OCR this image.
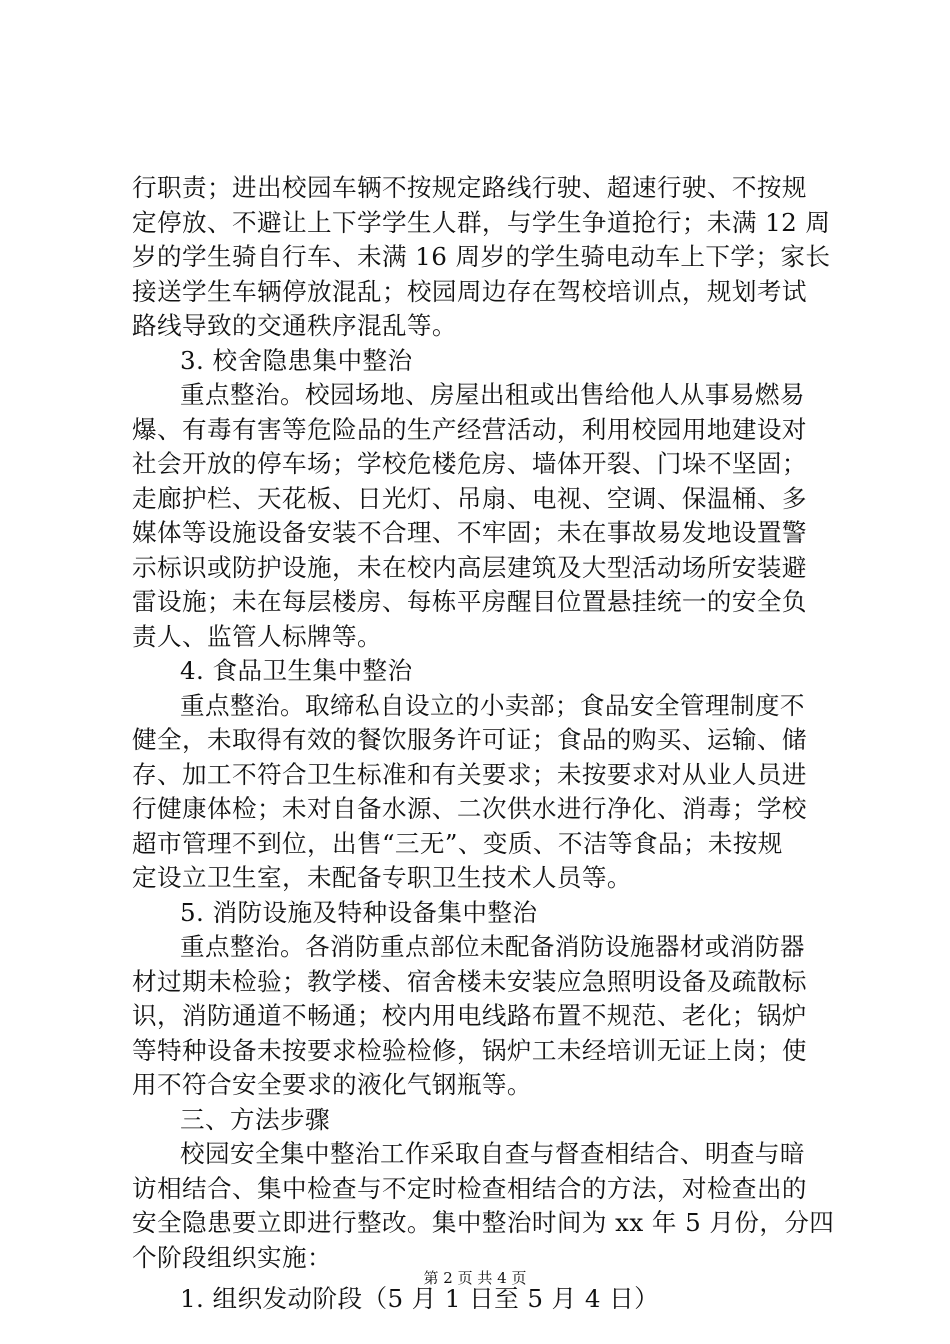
行职责；进出校园车辆不按规定路线行驶、超速行驶、不按规
定停放、不避让上下学学生人群，与学生争道抢行；未满 12 周
岁的学生骑自行车、未满 16 周岁的学生骑电动车上下学；家长
接送学生车辆停放混乱；校园周边存在驾校培训点，规划考试
路线导致的交通秩序混乱等。
3. 校舍隐患集中整治
重点整治。校园场地、房屋出租或出售给他人从事易燃易
爆、有毒有害等危险品的生产经营活动，利用校园用地建设对
社会开放的停车场；学校危楼危房、墙体开裂、门垛不坚固；
走廊护栏、天花板、日光灯、吊扇、电视、空调、保温桶、多
媒体等设施设备安装不合理、不牢固；未在事故易发地设置警
示标识或防护设施，未在校内高层建筑及大型活动场所安装避
雷设施；未在每层楼房、每栋平房醒目位置悬挂统一的安全负
责人、监管人标牌等。
4. 食品卫生集中整治
重点整治。取缔私自设立的小卖部；食品安全管理制度不
健全，未取得有效的餐饮服务许可证；食品的购买、运输、储
存、加工不符合卫生标准和有关要求；未按要求对从业人员进
行健康体检；未对自备水源、二次供水进行净化、消毒；学校
超市管理不到位，出售“三无”、变质、不洁等食品；未按规
定设立卫生室，未配备专职卫生技术人员等。
5. 消防设施及特种设备集中整治
重点整治。各消防重点部位未配备消防设施器材或消防器
材过期未检验；教学楼、宿舍楼未安装应急照明设备及疏散标
识，消防通道不畅通；校内用电线路布置不规范、老化；锅炉
等特种设备未按要求检验检修，锅炉工未经培训无证上岗；使
用不符合安全要求的液化气钢瓶等。
三、方法步骤
校园安全集中整治工作采取自查与督查相结合、明查与暗
访相结合、集中检查与不定时检查相结合的方法，对检查出的
安全隐患要立即进行整改。集中整治时间为 xx 年 5 月份，分四
个阶段组织实施：
1. 组织发动阶段（5 月 1 日至 5 月 4 日）
第 2 页 共 4 页
